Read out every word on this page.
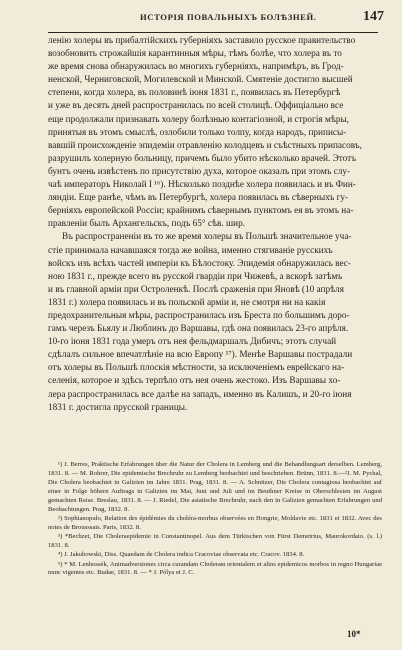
ИСТОРІЯ ПОВАЛЬНЫХЪ БОЛѢЗНЕЙ.	147

ленію холеры въ прибалтійскихъ губерніяхъ заставило русское правительство
возобновить строжайшія карантинныя мѣры, тѣмъ болѣе, что холера въ то
же время снова обнаружилась во многихъ губерніяхъ, напримѣръ, въ Грод-
ненской, Черниговской, Могилевской и Минской. Смятеніе достигло высшей
степени, когда холера, въ половинѣ іюня 1831 г., появилась въ Петербургѣ
и уже въ десять дней распространилась по всей столицѣ. Оффиціально все
еще продолжали признавать холеру болѣзнью контагіозной, и строгія мѣры,
принятыя въ этомъ смыслѣ, озлобили только толпу, когда народъ, приписы-
вавшій происхожденіе эпидеміи отравленію колодцевъ и съѣстныхъ припасовъ,
разрушилъ холерную больницу, причемъ было убито нѣсколько врачей. Этотъ
бунтъ очень извѣстенъ по присутствію духа, которое оказалъ при этомъ слу-
чаѣ императоръ Николай I ¹⁶). Нѣсколько позднѣе холера появилась и въ Фин-
ляндіи. Еще ранѣе, чѣмъ въ Петербургѣ, холера появилась въ сѣверныхъ гу-
берніяхъ европейской Россіи; крайнимъ сѣвернымъ пунктомъ ея въ этомъ на-
правленіи былъ Архангельскъ, подъ 65° сѣв. шир.

Въ распространеніи въ то же время холеры въ Польшѣ значительное уча-
стіе принимала начавшаяся тогда же война, именно стягиваніе русскихъ
войскъ изъ всѣхъ частей имперіи къ Бѣлостоку. Эпидемія обнаружилась вес-
ною 1831 г., прежде всего въ русской гвардіи при Чижевѣ, а вскорѣ затѣмъ
и въ главной арміи при Остроленкѣ. Послѣ сраженія при Яновѣ (10 апрѣля
1831 г.) холера появилась и въ польской арміи и, не смотря ни на какія
предохранительныя мѣры, распространилась изъ Бреста по большимъ доро-
гамъ черезъ Бьялу и Люблинъ до Варшавы, гдѣ она появилась 23-го апрѣля.
10-го іюня 1831 года умеръ отъ нея фельдмаршалъ Дибичъ; этотъ случай
сдѣлалъ сильное впечатлѣніе на всю Европу ¹⁷). Менѣе Варшавы пострадали
отъ холеры въ Польшѣ плоскія мѣстности, за исключеніемъ еврейскаго на-
селенія, которое и здѣсь терпѣло отъ нея очень жестоко. Изъ Варшавы хо-
лера распространилась все далѣе на западъ, именно въ Калишъ, и 20-го іюня
1831 г. достигла прусской границы.

¹) J. Berres, Praktische Erfahrungen über die Natur der Cholera in Lemberg und die Behandlungsart derselben. Lemberg, 1831. 8. — M. Rohrer, Die epidemische Brechruhr zu Lemberg beobachtet und beschrieben. Brünn, 1831. 8.—²J. M. Pychal, Die Cholera beobachtet in Galizien im Jahre 1831. Prag, 1831. 8. — A. Schnitzer, Die Cholera contagiosa beobachtet auf einer in Folge höhern Auftrags in Galizien im Mai, Juni und Juli und im Beuthner Kreise in Oberschlesien im August gemachten Reise. Breslau, 1831. 8. — J. Riedel, Die asiatische Brechruhr, nach den in Galizien gemachten Erfahrungen und Beobachtungen. Prag, 1832. 8.

²) Sophianopulo, Relation des épidémies du choléra-morbus observées en Hongrie, Moldavie etc. 1831 et 1832. Avec des notes de Brousssais. Paris, 1832. 8.

³) *Bechzet, Die Choleraepidemie in Constantinopel. Aus dem Türkischen von Fürst Demetrius, Maurokordato. (s. l.) 1831. 8.

⁴) J. Jakubowski, Diss. Quaedam de Cholera indica Cracoviae observata etc. Cracov. 1834. 8.

⁵) * M. Lenhossék, Animadversiones circa curandam Cholerам orientalem et alios epidemicos morbos in regno Hungariae nunc vigentes etc. Budae, 1831. 8. — * J. Pólya et J. C.

10*
